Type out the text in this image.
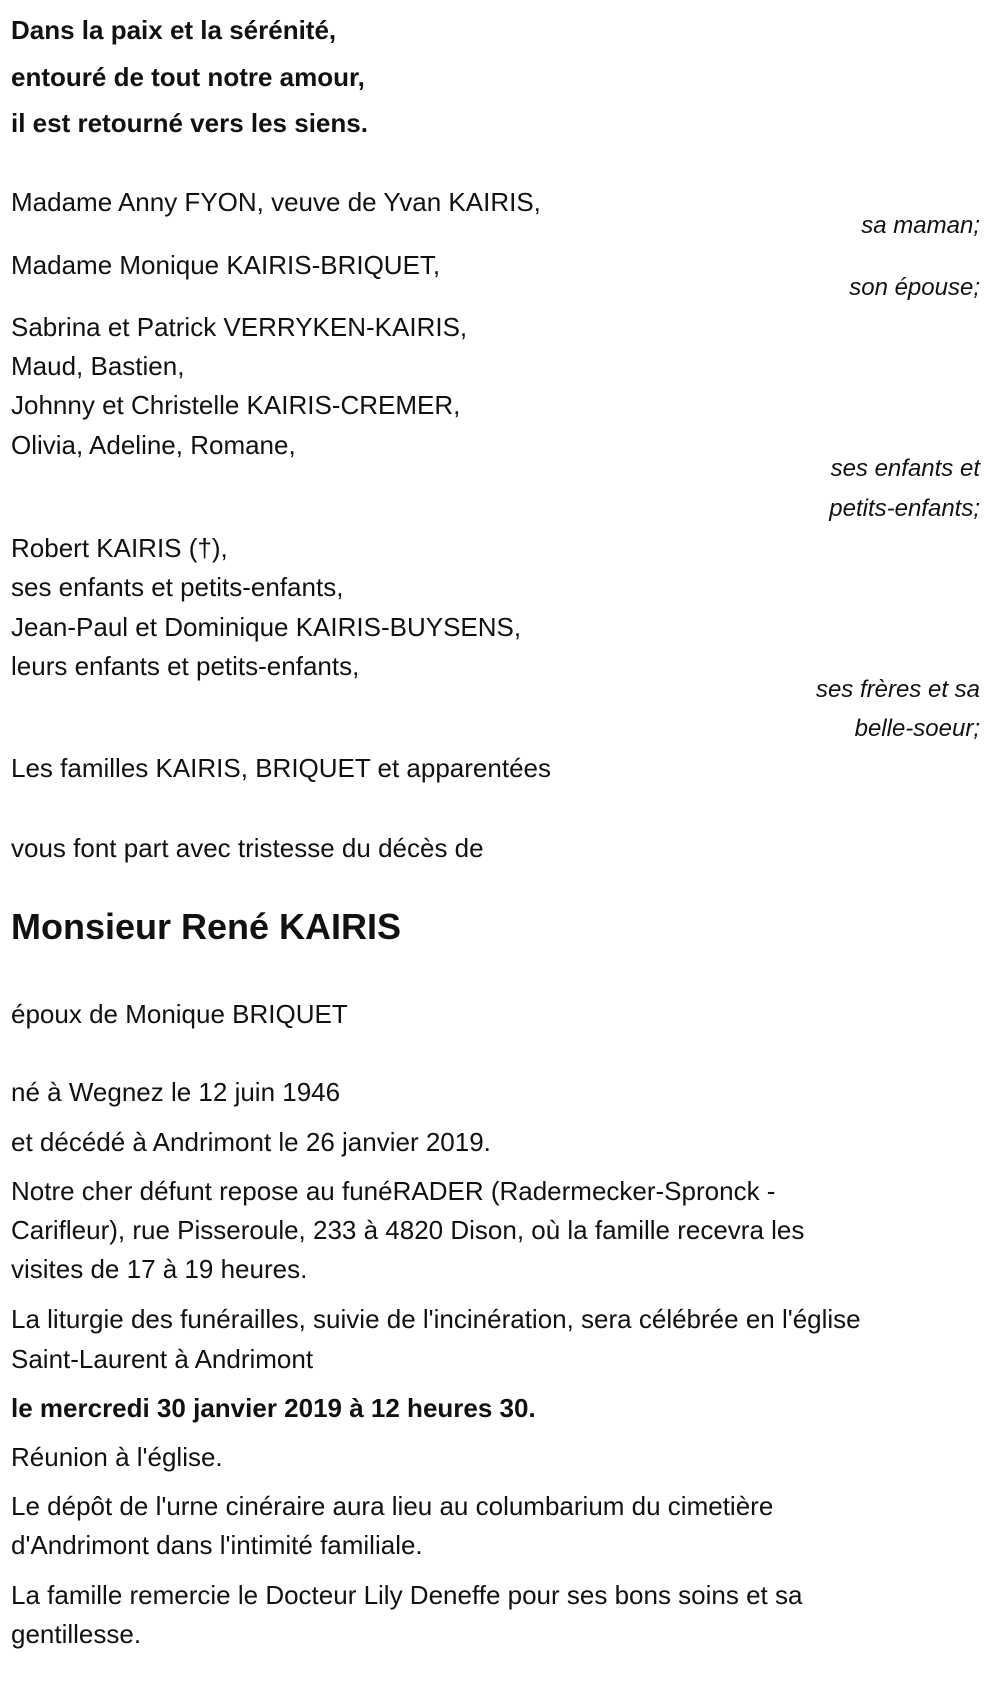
Dans la paix et la sérénité,
entouré de tout notre amour,
il est retourné vers les siens.
Madame Anny FYON, veuve de Yvan KAIRIS,
sa maman;
Madame Monique KAIRIS-BRIQUET,
son épouse;
Sabrina et Patrick VERRYKEN-KAIRIS,
Maud, Bastien,
Johnny et Christelle KAIRIS-CREMER,
Olivia, Adeline, Romane,
ses enfants et
petits-enfants;
Robert KAIRIS (†),
ses enfants et petits-enfants,
Jean-Paul et Dominique KAIRIS-BUYSENS,
leurs enfants et petits-enfants,
ses frères et sa
belle-soeur;
Les familles KAIRIS, BRIQUET et apparentées
vous font part avec tristesse du décès de
Monsieur René KAIRIS
époux de Monique BRIQUET
né à Wegnez le 12 juin 1946
et décédé à Andrimont le 26 janvier 2019.
Notre cher défunt repose au funéRADER (Radermecker-Spronck -
Carifleur), rue Pisseroule, 233 à 4820 Dison, où la famille recevra les
visites de 17 à 19 heures.
La liturgie des funérailles, suivie de l'incinération, sera célébrée en l'église
Saint-Laurent à Andrimont
le mercredi 30 janvier 2019 à 12 heures 30.
Réunion à l'église.
Le dépôt de l'urne cinéraire aura lieu au columbarium du cimetière
d'Andrimont dans l'intimité familiale.
La famille remercie le Docteur Lily Deneffe pour ses bons soins et sa
gentillesse.
